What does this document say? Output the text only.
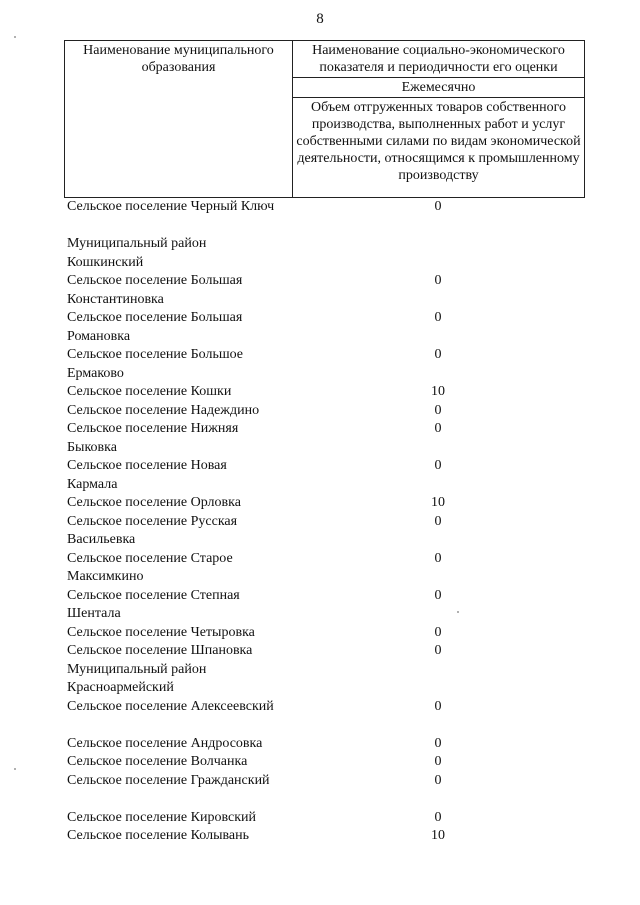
8
Наименование муниципального образования	Наименование социально-экономического показателя и периодичности его оценки
Ежемесячно
Объем отгруженных товаров собственного производства, выполненных работ и услуг собственными силами по видам экономической деятельности, относящимся к промышленному производству
Сельское поселение Черный Ключ	0
Муниципальный район
Кошкинский
Сельское поселение Большая	0
Константиновка
Сельское поселение Большая	0
Романовка
Сельское поселение Большое	0
Ермаково
Сельское поселение Кошки	10
Сельское поселение Надеждино	0
Сельское поселение Нижняя	0
Быковка
Сельское поселение Новая	0
Кармала
Сельское поселение Орловка	10
Сельское поселение Русская	0
Васильевка
Сельское поселение Старое	0
Максимкино
Сельское поселение Степная	0
Шентала
Сельское поселение Четыровка	0
Сельское поселение Шпановка	0
Муниципальный район
Красноармейский
Сельское поселение Алексеевский	0
Сельское поселение Андросовка	0
Сельское поселение Волчанка	0
Сельское поселение Гражданский	0
Сельское поселение Кировский	0
Сельское поселение Колывань	10
